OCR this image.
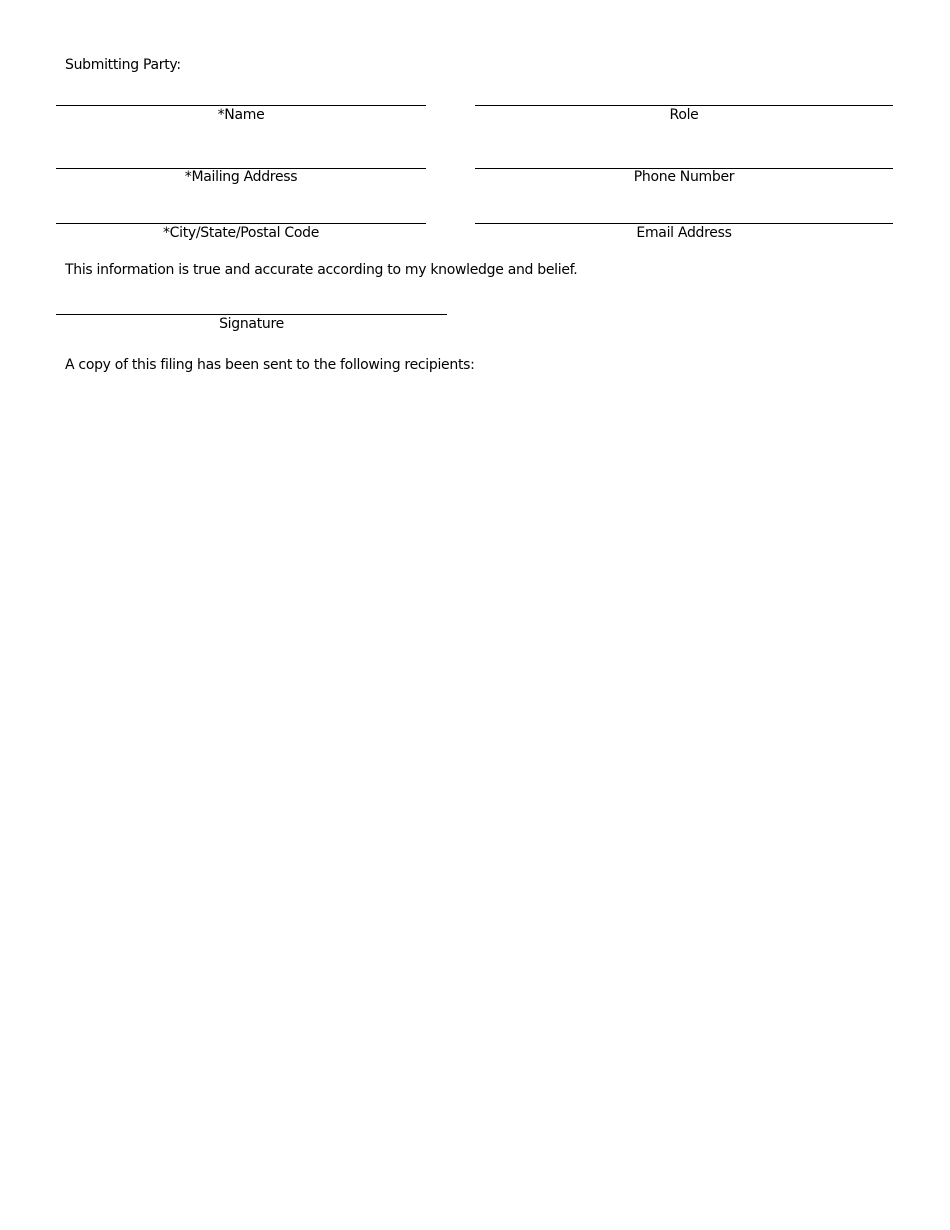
Submitting Party:
*Name	Role
*Mailing Address	Phone Number
*City/State/Postal Code	Email Address
This information is true and accurate according to my knowledge and belief.
Signature
A copy of this filing has been sent to the following recipients:
